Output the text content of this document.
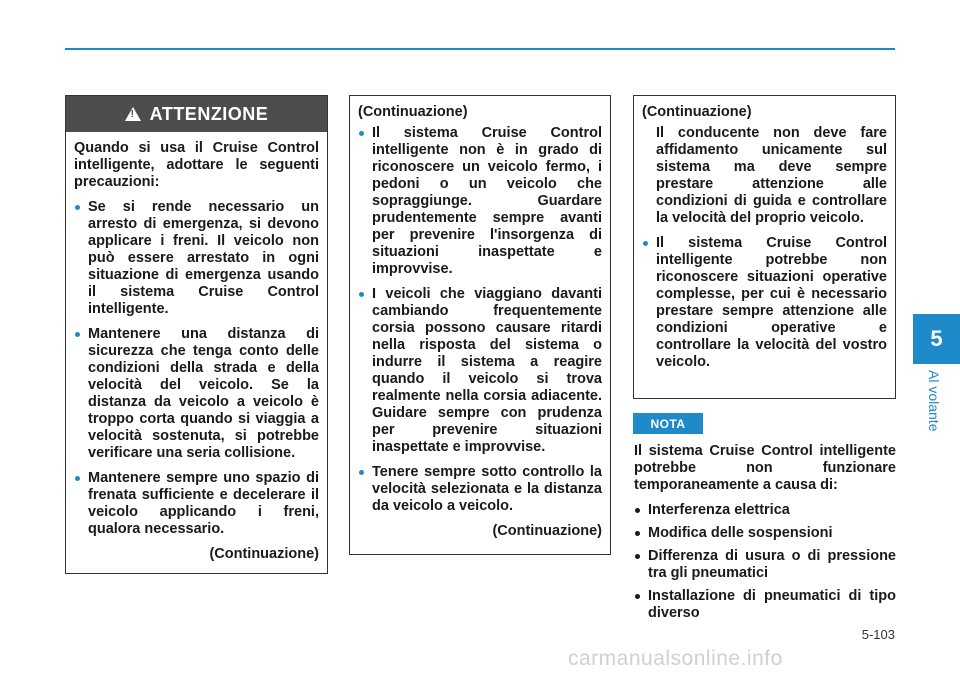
5
Al volante
!
ATTENZIONE
Quando si usa il Cruise Control intelligente, adottare le seguenti precauzioni:
Se si rende necessario un arresto di emergenza, si devono applicare i freni. Il veicolo non può essere arrestato in ogni situazione di emergenza usando il sistema Cruise Control intelligente.
Mantenere una distanza di sicurezza che tenga conto delle condizioni della strada e della velocità del veicolo. Se la distanza da veicolo a veicolo è troppo corta quando si viaggia a velocità sostenuta, si potrebbe verificare una seria collisione.
Mantenere sempre uno spazio di frenata sufficiente e decelerare il veicolo applicando i freni, qualora necessario.
(Continuazione)
(Continuazione)
Il sistema Cruise Control intelligente non è in grado di riconoscere un veicolo fermo, i pedoni o un veicolo che sopraggiunge. Guardare prudentemente sempre avanti per prevenire l'insorgenza di situazioni inaspettate e improvvise.
I veicoli che viaggiano davanti cambiando frequentemente corsia possono causare ritardi nella risposta del sistema o indurre il sistema a reagire quando il veicolo si trova realmente nella corsia adiacente. Guidare sempre con prudenza per prevenire situazioni inaspettate e improvvise.
Tenere sempre sotto controllo la velocità selezionata e la distanza da veicolo a veicolo.
(Continuazione)
(Continuazione)
Il conducente non deve fare affidamento unicamente sul sistema ma deve sempre prestare attenzione alle condizioni di guida e controllare la velocità del proprio veicolo.
Il sistema Cruise Control intelligente potrebbe non riconoscere situazioni operative complesse, per cui è necessario prestare sempre attenzione alle condizioni operative e controllare la velocità del vostro veicolo.
NOTA

Il sistema Cruise Control intelligente potrebbe non funzionare temporaneamente a causa di:

Interferenza elettrica
Modifica delle sospensioni
Differenza di usura o di pressione tra gli pneumatici
Installazione di pneumatici di tipo diverso
5-103
carmanualsonline.info
